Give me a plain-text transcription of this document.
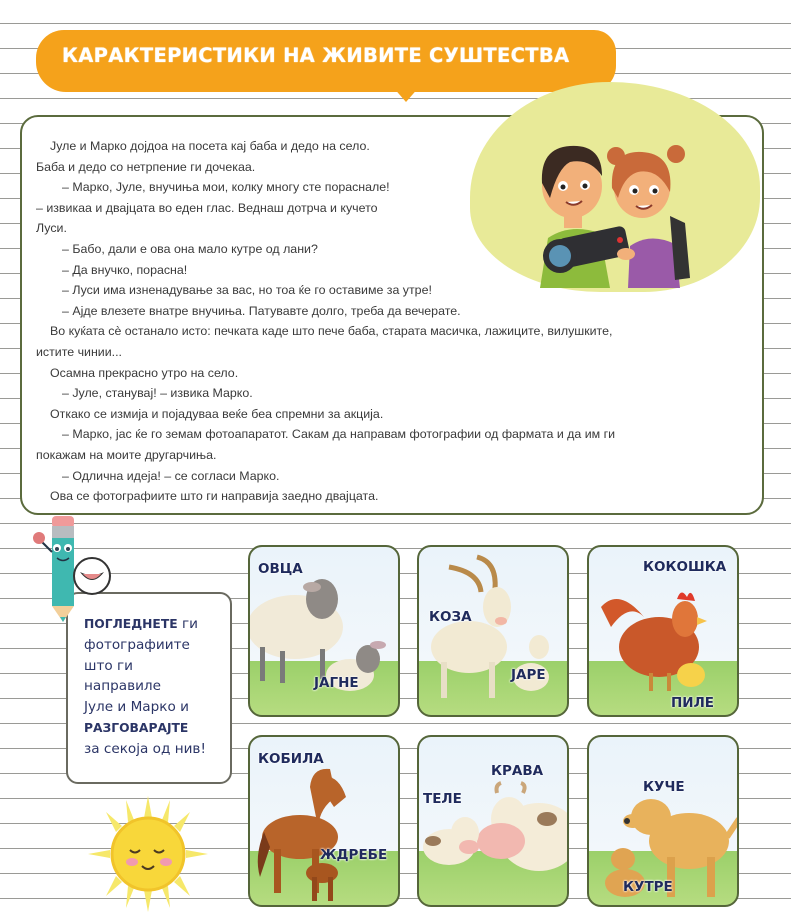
КАРАКТЕРИСТИКИ НА ЖИВИТЕ СУШТЕСТВА

Јуле и Марко дојдоа на посета кај баба и дедо на село.

Баба и дедо со нетрпение ги дочекаа.

– Марко, Јуле, внучиња мои, колку многу сте пораснале!

– извикаа и двајцата во еден глас. Веднаш дотрча и кучето

Луси.

– Бабо, дали е ова она мало кутре од лани?

– Да внучко, порасна!

– Луси има изненадување за вас, но тоа ќе го оставиме за утре!

– Ајде влезете внатре внучиња. Патувавте долго, треба да вечерате.

Во куќата сè останало исто: печката каде што пече баба, старата масичка, лажиците, вилушките,

истите чинии...

Осамна прекрасно утро на село.

– Јуле, станувај! – извика Марко.

Откако се измија и појадуваа веќе беа спремни за акција.

– Марко, јас ќе го земам фотоапаратот. Сакам да направам фотографии од фармата и да им ги

покажам на моите другарчиња.

– Одлична идеја! – се согласи Марко.

Ова се фотографиите што ги направија заедно двајцата.

ПОГЛЕДНЕТЕ ги
фотографиите
што ги
направиле
Јуле и Марко и
РАЗГОВАРАЈТЕ
за секоја од нив!
ОВЦА
ЈАГНЕ
КОЗА
ЈАРЕ
КОКОШКА
ПИЛЕ
КОБИЛА
ЖДРЕБЕ
КРАВА
ТЕЛЕ
КУЧЕ
КУТРЕ
